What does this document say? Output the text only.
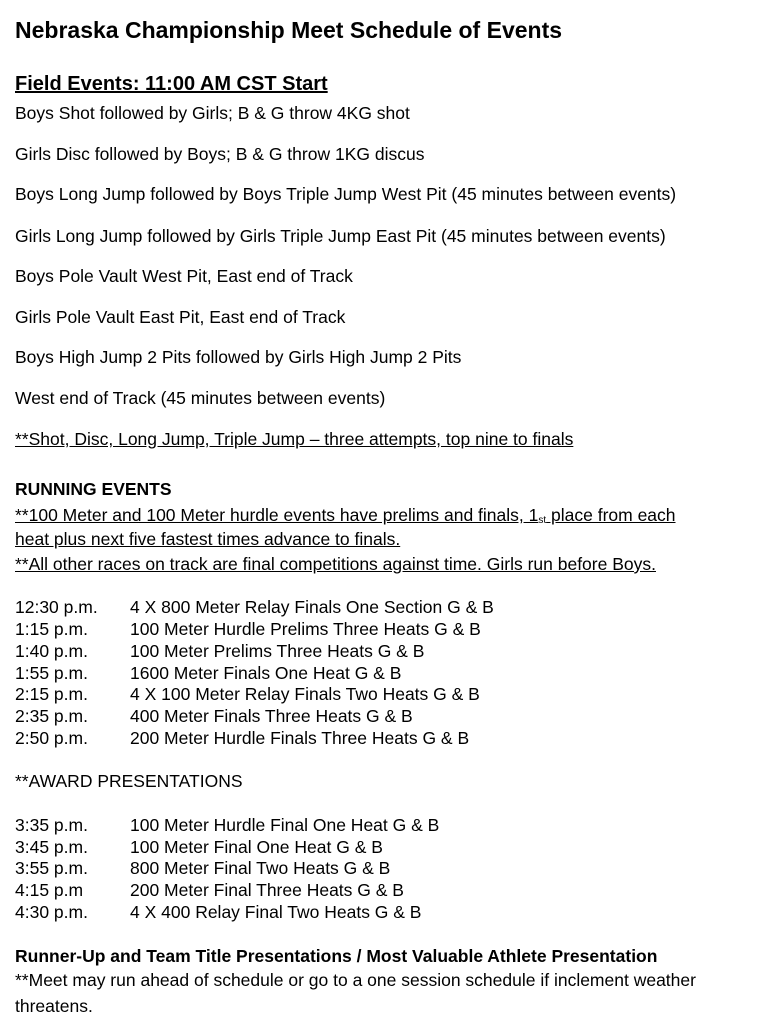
Nebraska Championship Meet Schedule of Events
Field Events: 11:00 AM CST Start
Boys Shot followed by Girls; B & G throw 4KG shot
Girls Disc followed by Boys; B & G throw 1KG discus
Boys Long Jump followed by Boys Triple Jump West Pit (45 minutes between events)
Girls Long Jump followed by Girls Triple Jump East Pit (45 minutes between events)
Boys Pole Vault West Pit, East end of Track
Girls Pole Vault East Pit, East end of Track
Boys High Jump 2 Pits followed by Girls High Jump 2 Pits
West end of Track (45 minutes between events)
**Shot, Disc, Long Jump, Triple Jump – three attempts, top nine to finals
RUNNING EVENTS
**100 Meter and 100 Meter hurdle events have prelims and finals, $1_{st}$ place from each
heat plus next five fastest times advance to finals.
**All other races on track are final competitions against time. Girls run before Boys.
12:30 p.m.	4 X 800 Meter Relay Finals One Section G & B
1:15 p.m.	100 Meter Hurdle Prelims Three Heats G & B
1:40 p.m.	100 Meter Prelims Three Heats G & B
1:55 p.m.	1600 Meter Finals One Heat G & B
2:15 p.m.	4 X 100 Meter Relay Finals Two Heats G & B
2:35 p.m.	400 Meter Finals Three Heats G & B
2:50 p.m.	200 Meter Hurdle Finals Three Heats G & B
**AWARD PRESENTATIONS
3:35 p.m.	100 Meter Hurdle Final One Heat G & B
3:45 p.m.	100 Meter Final One Heat G & B
3:55 p.m.	800 Meter Final Two Heats G & B
4:15 p.m	200 Meter Final Three Heats G & B
4:30 p.m.	4 X 400 Relay Final Two Heats G & B
Runner-Up and Team Title Presentations / Most Valuable Athlete Presentation
**Meet may run ahead of schedule or go to a one session schedule if inclement weather threatens.
